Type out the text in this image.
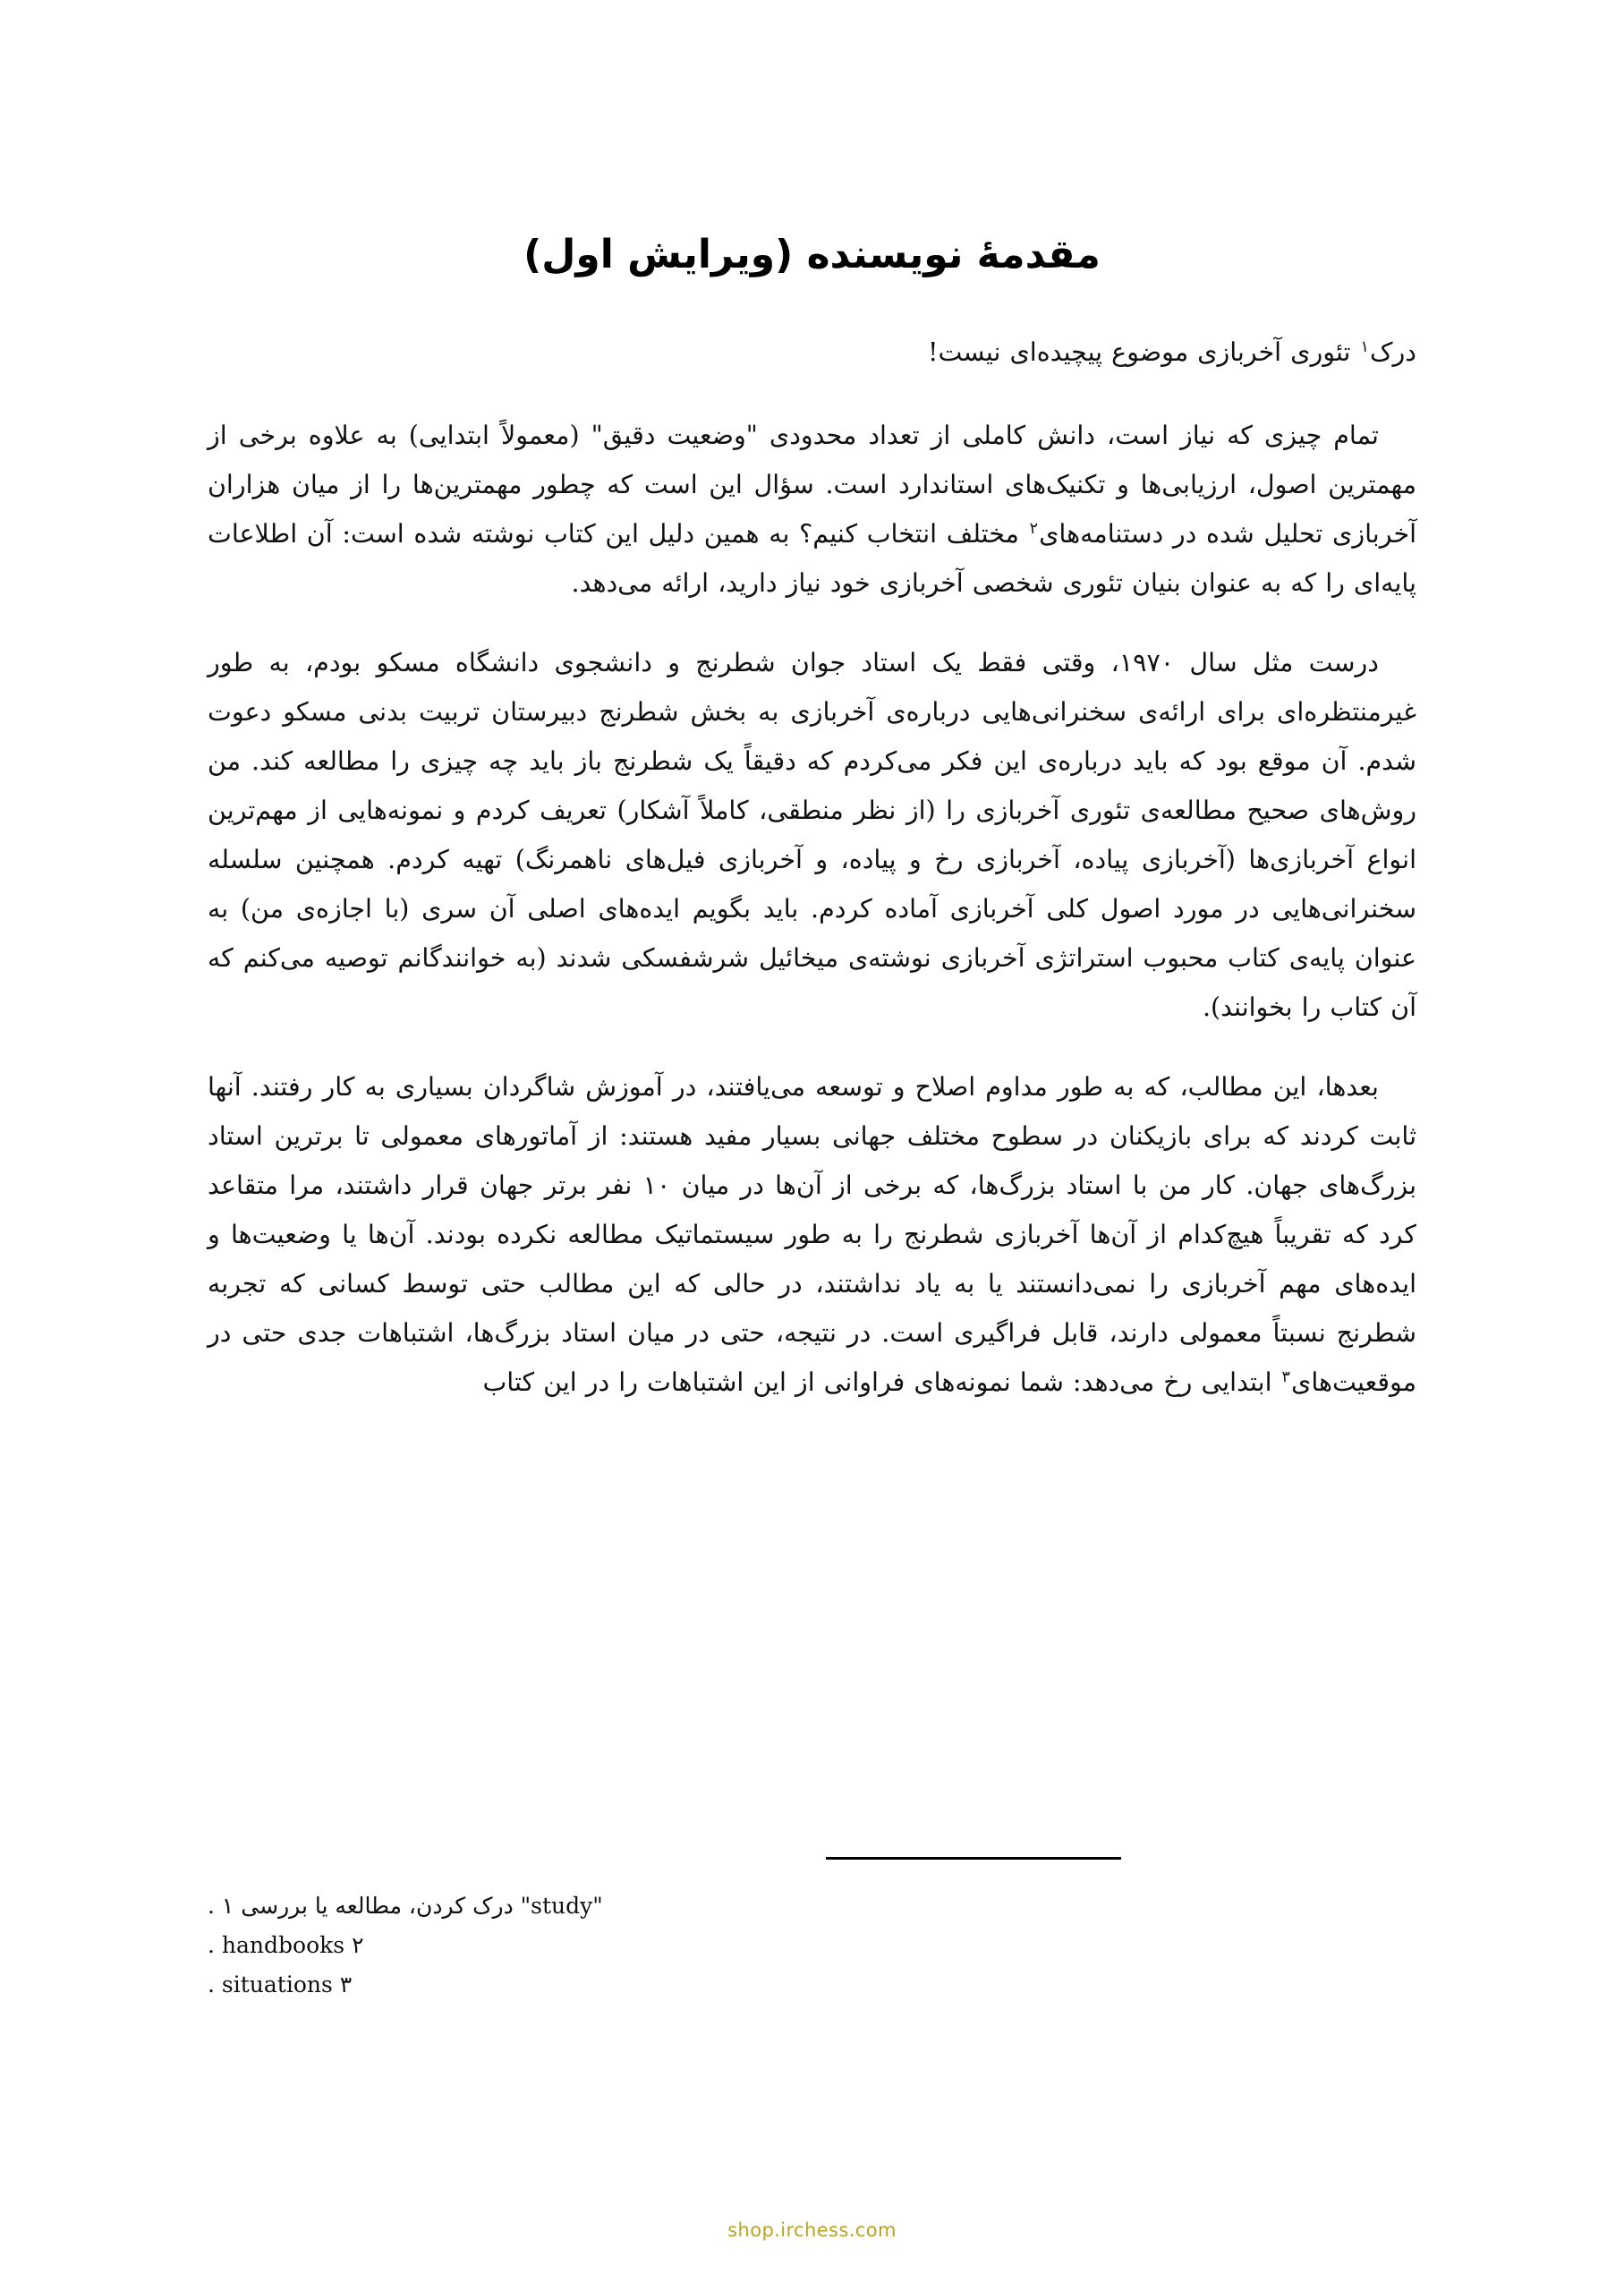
مقدمهٔ نویسنده (ویرایش اول)

درک$^۱$ تئوری آخربازی موضوع پیچیده‌ای نیست!

تمام چیزی که نیاز است، دانش کاملی از تعداد محدودی "وضعیت دقیق" (معمولاً ابتدایی) به علاوه برخی از مهمترین اصول، ارزیابی‌ها و تکنیک‌های استاندارد است. سؤال این است که چطور مهمترین‌ها را از میان هزاران آخربازی تحلیل شده در دستنامه‌های$^۲$ مختلف انتخاب کنیم؟ به همین دلیل این کتاب نوشته شده است: آن اطلاعات پایه‌ای را که به عنوان بنیان تئوری شخصی آخربازی خود نیاز دارید، ارائه می‌دهد.

درست مثل سال ۱۹۷۰، وقتی فقط یک استاد جوان شطرنج و دانشجوی دانشگاه مسکو بودم، به طور غیرمنتظره‌ای برای ارائه‌ی سخنرانی‌هایی درباره‌ی آخربازی به بخش شطرنج دبیرستان تربیت بدنی مسکو دعوت شدم. آن موقع بود که باید درباره‌ی این فکر می‌کردم که دقیقاً یک شطرنج باز باید چه چیزی را مطالعه کند. من روش‌های صحیح مطالعه‌ی تئوری آخربازی را (از نظر منطقی، کاملاً آشکار) تعریف کردم و نمونه‌هایی از مهم‌ترین انواع آخربازی‌ها (آخربازی پیاده، آخربازی رخ و پیاده، و آخربازی فیل‌های ناهمرنگ) تهیه کردم. همچنین سلسله سخنرانی‌هایی در مورد اصول کلی آخربازی آماده کردم. باید بگویم ایده‌های اصلی آن سری (با اجازه‌ی من) به عنوان پایه‌ی کتاب محبوب استراتژی آخربازی نوشته‌ی میخائیل شرشفسکی شدند (به خوانندگانم توصیه می‌کنم که آن کتاب را بخوانند).

بعدها، این مطالب، که به طور مداوم اصلاح و توسعه می‌یافتند، در آموزش شاگردان بسیاری به کار رفتند. آنها ثابت کردند که برای بازیکنان در سطوح مختلف جهانی بسیار مفید هستند: از آماتورهای معمولی تا برترین استاد بزرگ‌های جهان. کار من با استاد بزرگ‌ها، که برخی از آن‌ها در میان ۱۰ نفر برتر جهان قرار داشتند، مرا متقاعد کرد که تقریباً هیچ‌کدام از آن‌ها آخربازی شطرنج را به طور سیستماتیک مطالعه نکرده بودند. آن‌ها یا وضعیت‌ها و ایده‌های مهم آخربازی را نمی‌دانستند یا به یاد نداشتند، در حالی که این مطالب حتی توسط کسانی که تجربه شطرنج نسبتاً معمولی دارند، قابل فراگیری است. در نتیجه، حتی در میان استاد بزرگ‌ها، اشتباهات جدی حتی در موقعیت‌های$^۳$ ابتدایی رخ می‌دهد: شما نمونه‌های فراوانی از این اشتباهات را در این کتاب

"study" درک کردن، مطالعه یا بررسی ۱ .
handbooks ۲ .
situations ۳ .
shop.irchess.com
